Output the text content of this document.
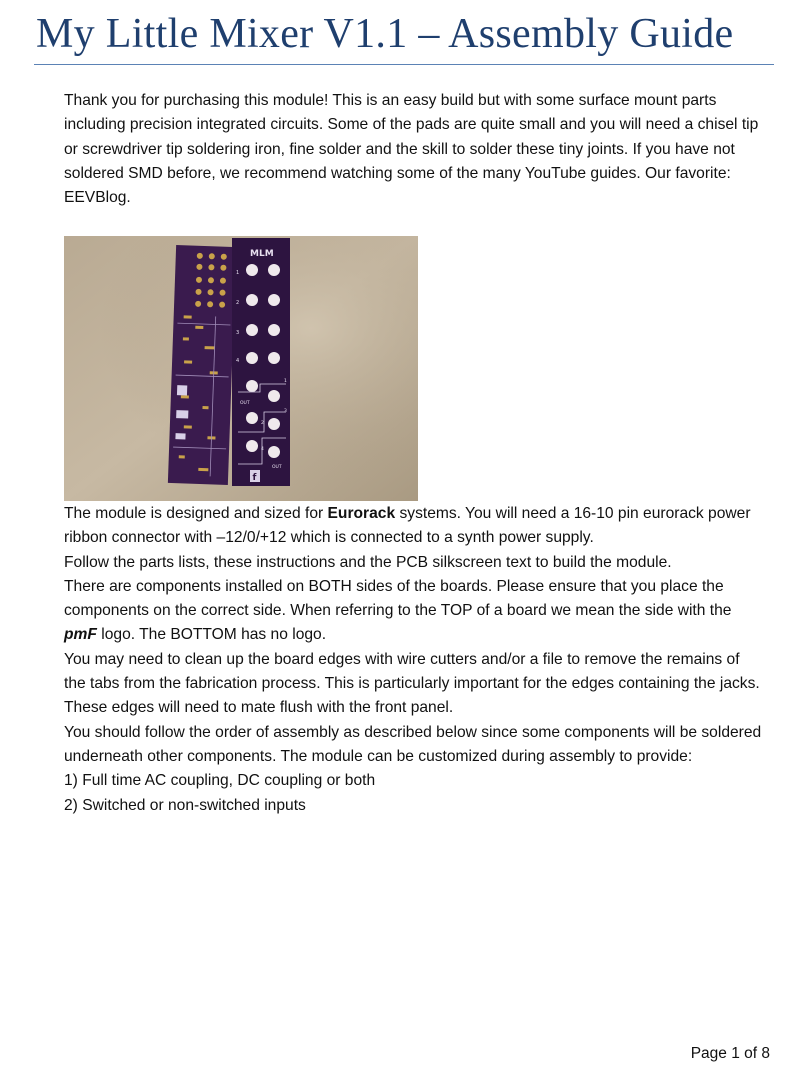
My Little Mixer V1.1 – Assembly Guide

Thank you for purchasing this module! This is an easy build but with some surface mount parts including precision integrated circuits. Some of the pads are quite small and you will need a chisel tip or screwdriver tip soldering iron, fine solder and the skill to solder these tiny joints. If you have not soldered SMD before, we recommend watching some of the many YouTube guides. Our favorite: EEVBlog.

MLM
1
2
3
4
OUT
OUT
1
2
3
4
f

The module is designed and sized for Eurorack systems. You will need a 16-10 pin eurorack power ribbon connector with –12/0/+12 which is connected to a synth power supply.

Follow the parts lists, these instructions and the PCB silkscreen text to build the module.

There are components installed on BOTH sides of the boards. Please ensure that you place the components on the correct side. When referring to the TOP of a board we mean the side with the pmF logo. The BOTTOM has no logo.

You may need to clean up the board edges with wire cutters and/or a file to remove the remains of the tabs from the fabrication process. This is particularly important for the edges containing the jacks. These edges will need to mate flush with the front panel.

You should follow the order of assembly as described below since some components will be soldered underneath other components. The module can be customized during assembly to provide:

1) Full time AC coupling, DC coupling or both

2) Switched or non-switched inputs

Page 1 of 8
